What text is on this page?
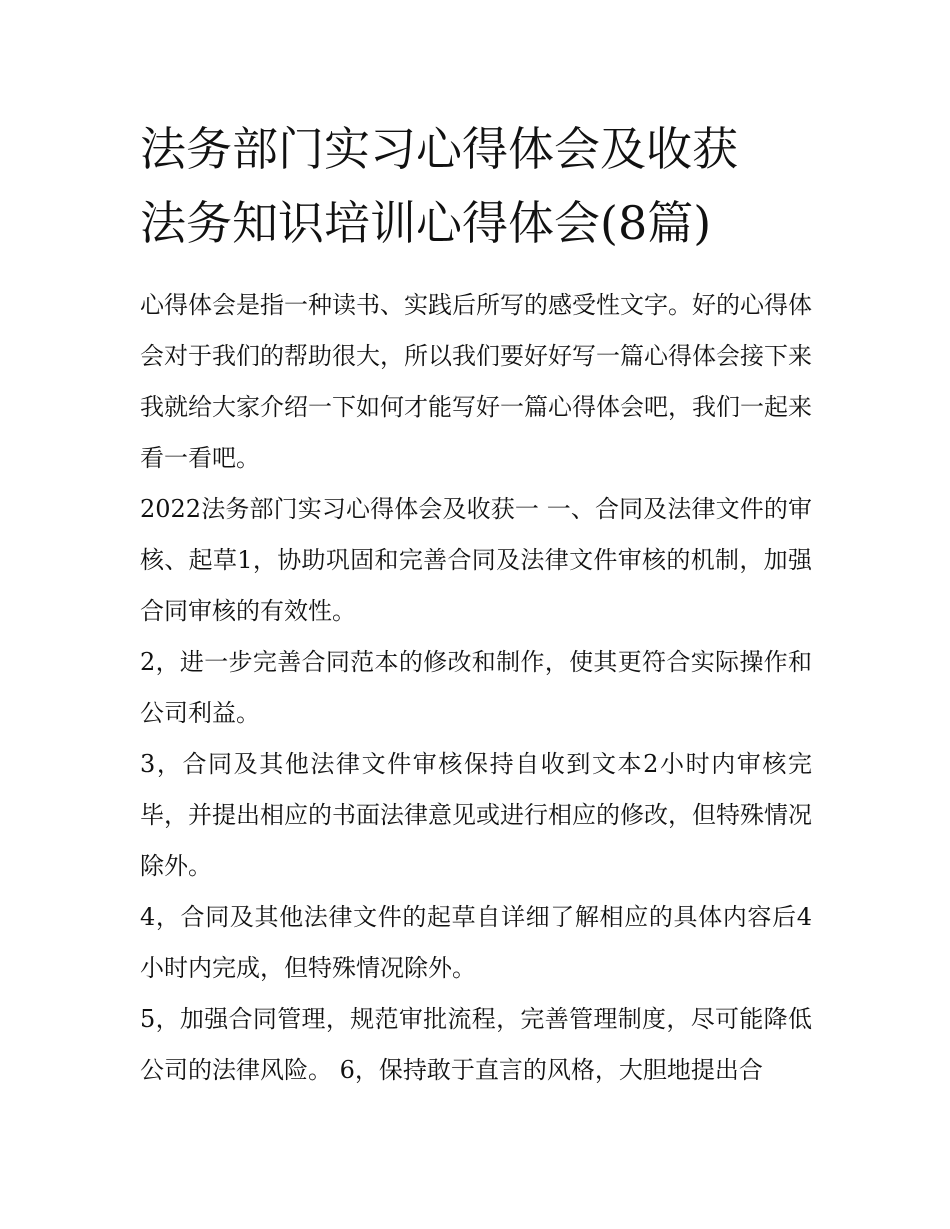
法务部门实习心得体会及收获
法务知识培训心得体会(8篇)

心得体会是指一种读书、实践后所写的感受性文字。好的心得体会对于我们的帮助很大，所以我们要好好写一篇心得体会接下来我就给大家介绍一下如何才能写好一篇心得体会吧，我们一起来看一看吧。

2022法务部门实习心得体会及收获一 一、合同及法律文件的审核、起草1，协助巩固和完善合同及法律文件审核的机制，加强合同审核的有效性。

2，进一步完善合同范本的修改和制作，使其更符合实际操作和公司利益。

3，合同及其他法律文件审核保持自收到文本2小时内审核完毕，并提出相应的书面法律意见或进行相应的修改，但特殊情况除外。

4，合同及其他法律文件的起草自详细了解相应的具体内容后4小时内完成，但特殊情况除外。

5，加强合同管理，规范审批流程，完善管理制度，尽可能降低公司的法律风险。 6，保持敢于直言的风格，大胆地提出合
